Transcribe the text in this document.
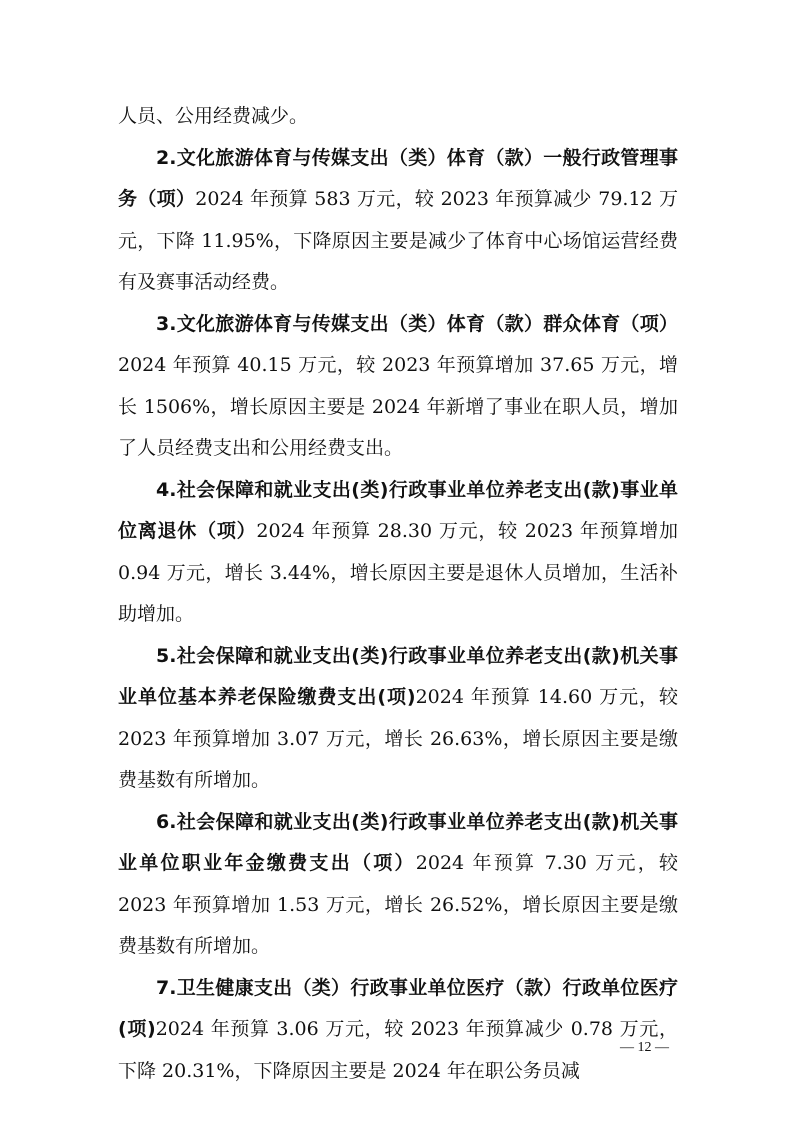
人员、公用经费减少。

2.文化旅游体育与传媒支出（类）体育（款）一般行政管理事务（项）2024 年预算 583 万元，较 2023 年预算减少 79.12 万元，下降 11.95%，下降原因主要是减少了体育中心场馆运营经费有及赛事活动经费。

3.文化旅游体育与传媒支出（类）体育（款）群众体育（项）2024 年预算 40.15 万元，较 2023 年预算增加 37.65 万元，增长 1506%，增长原因主要是 2024 年新增了事业在职人员，增加了人员经费支出和公用经费支出。

4.社会保障和就业支出(类)行政事业单位养老支出(款)事业单位离退休（项）2024 年预算 28.30 万元，较 2023 年预算增加 0.94 万元，增长 3.44%，增长原因主要是退休人员增加，生活补助增加。

5.社会保障和就业支出(类)行政事业单位养老支出(款)机关事业单位基本养老保险缴费支出(项)2024 年预算 14.60 万元，较 2023 年预算增加 3.07 万元，增长 26.63%，增长原因主要是缴费基数有所增加。

6.社会保障和就业支出(类)行政事业单位养老支出(款)机关事业单位职业年金缴费支出（项）2024 年预算 7.30 万元，较 2023 年预算增加 1.53 万元，增长 26.52%，增长原因主要是缴费基数有所增加。

7.卫生健康支出（类）行政事业单位医疗（款）行政单位医疗(项)2024 年预算 3.06 万元，较 2023 年预算减少 0.78 万元，下降 20.31%，下降原因主要是 2024 年在职公务员减

— 12 —
